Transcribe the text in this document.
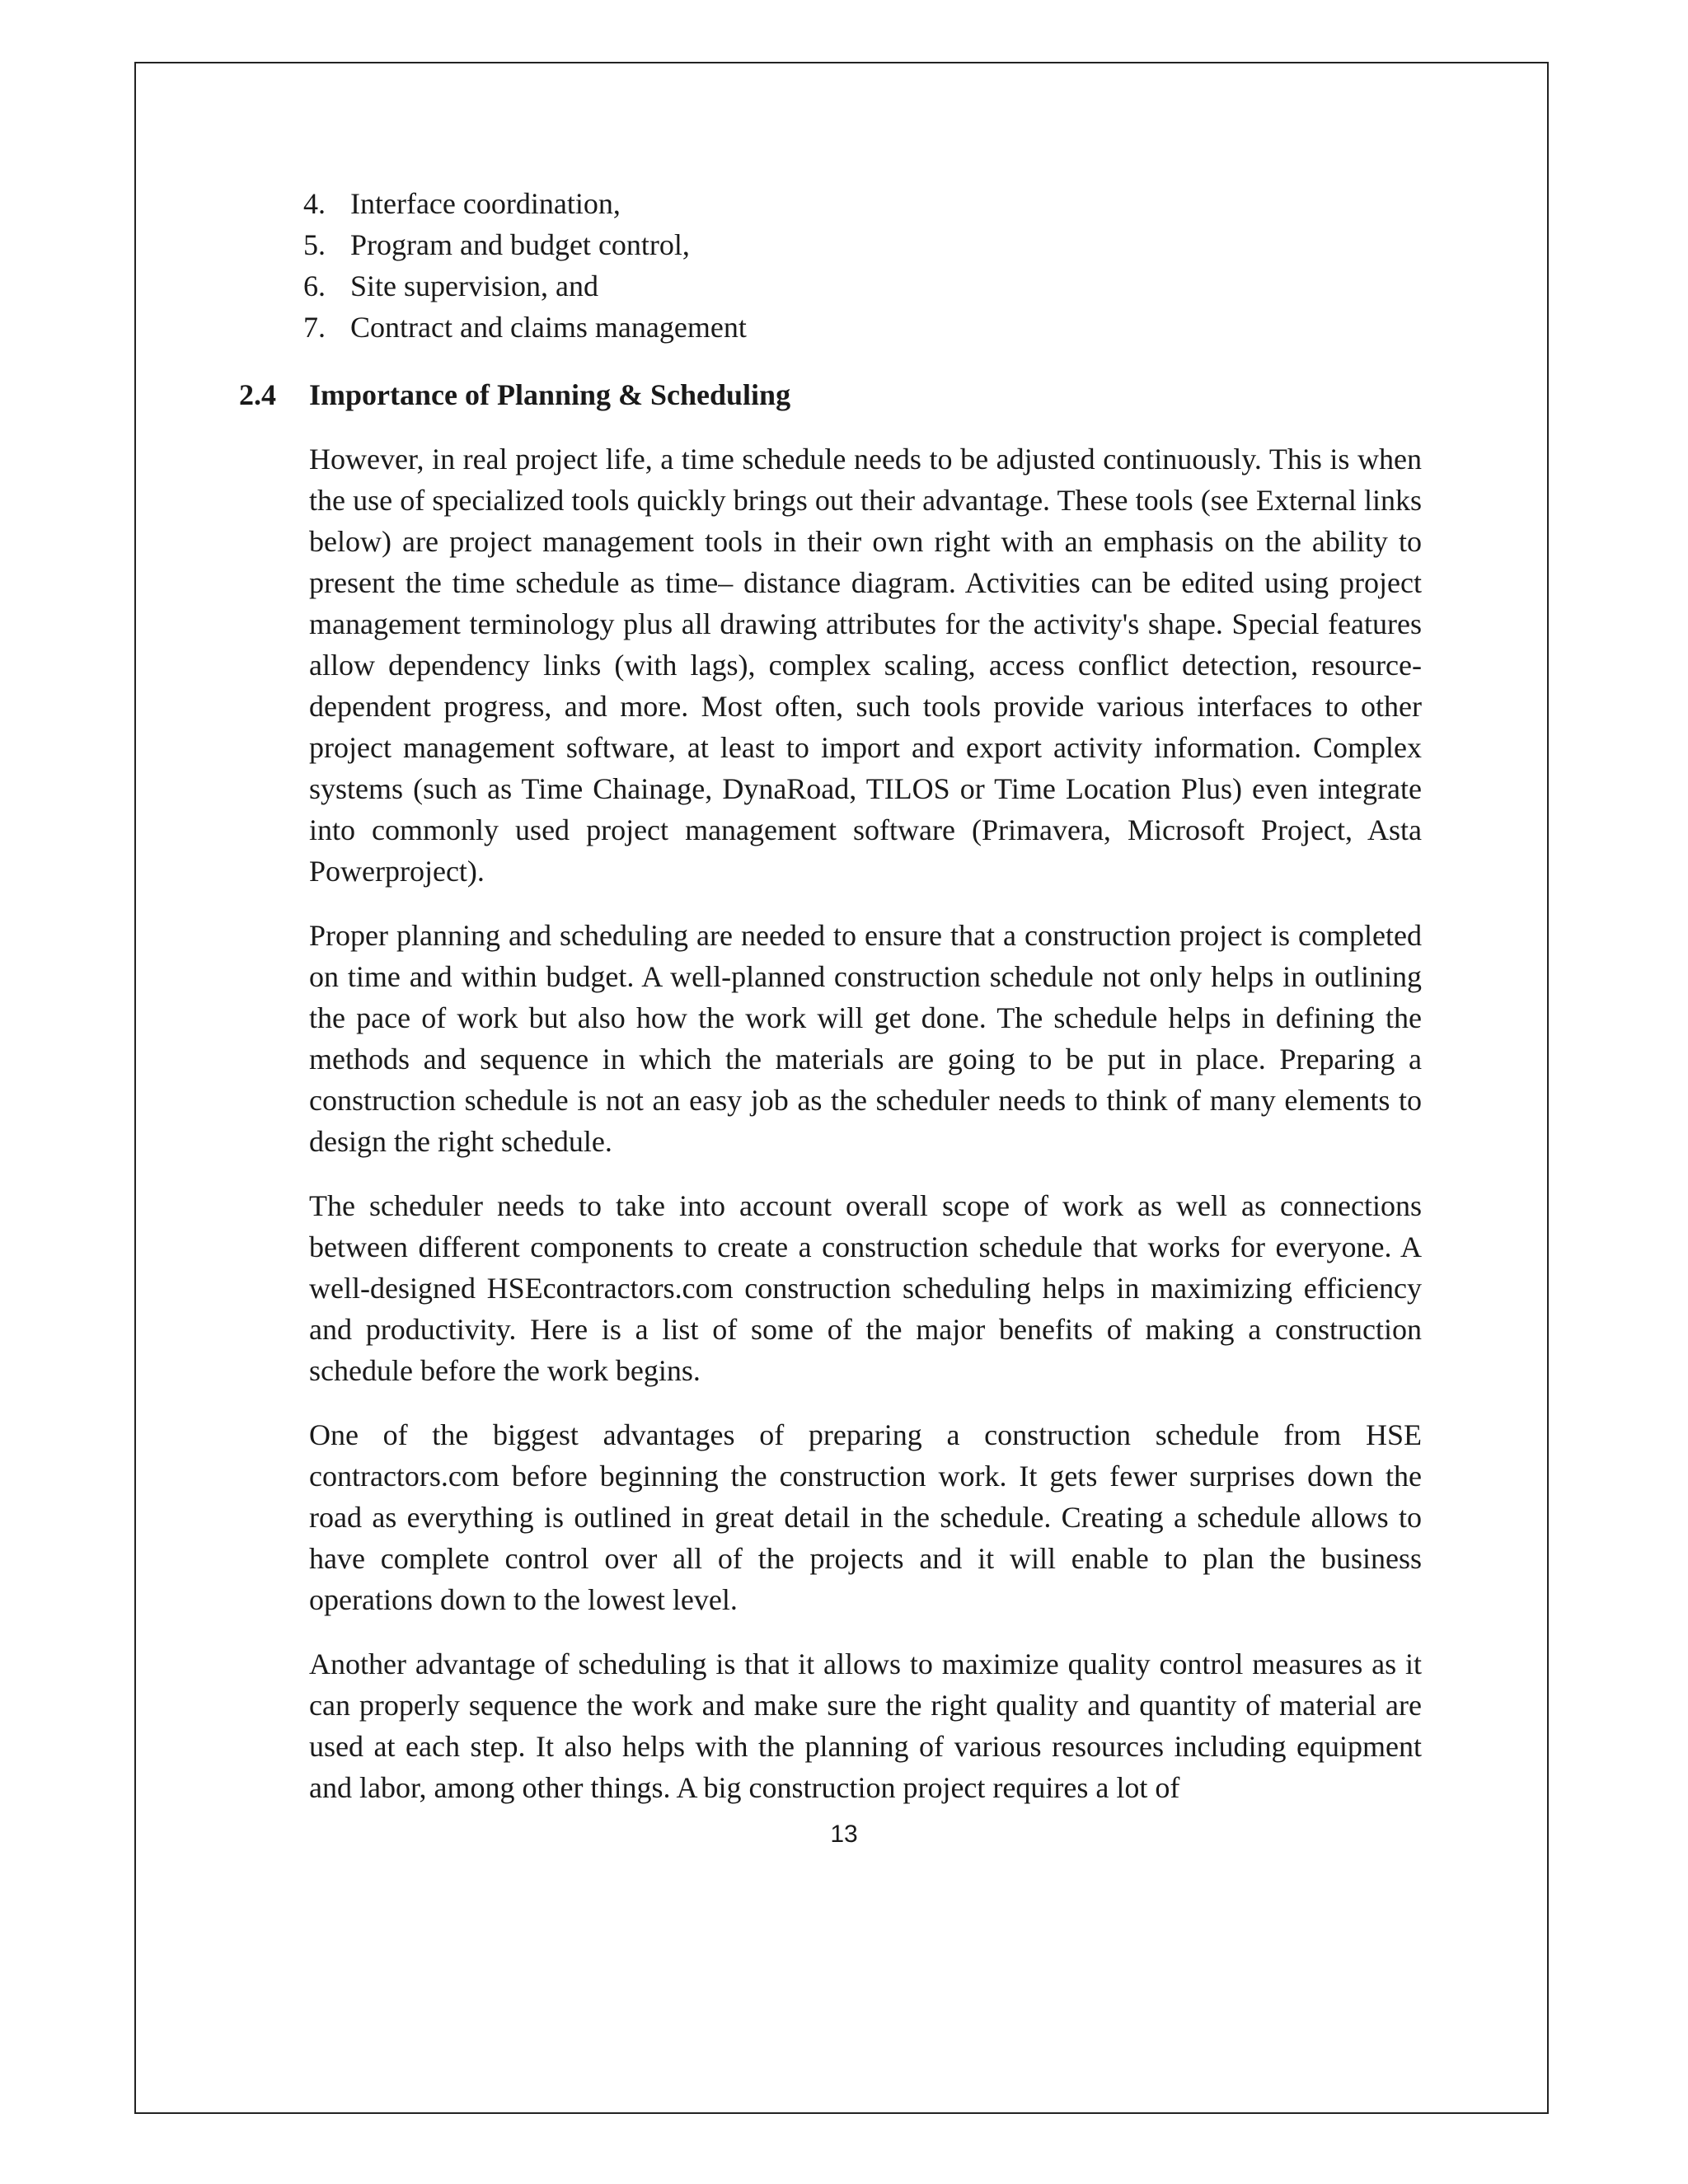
4. Interface coordination,
5. Program and budget control,
6. Site supervision, and
7. Contract and claims management
2.4 Importance of Planning & Scheduling

However, in real project life, a time schedule needs to be adjusted continuously. This is when the use of specialized tools quickly brings out their advantage. These tools (see External links below) are project management tools in their own right with an emphasis on the ability to present the time schedule as time– distance diagram. Activities can be edited using project management terminology plus all drawing attributes for the activity's shape. Special features allow dependency links (with lags), complex scaling, access conflict detection, resource-dependent progress, and more. Most often, such tools provide various interfaces to other project management software, at least to import and export activity information. Complex systems (such as Time Chainage, DynaRoad, TILOS or Time Location Plus) even integrate into commonly used project management software (Primavera, Microsoft Project, Asta Powerproject).

Proper planning and scheduling are needed to ensure that a construction project is completed on time and within budget. A well-planned construction schedule not only helps in outlining the pace of work but also how the work will get done. The schedule helps in defining the methods and sequence in which the materials are going to be put in place. Preparing a construction schedule is not an easy job as the scheduler needs to think of many elements to design the right schedule.

The scheduler needs to take into account overall scope of work as well as connections between different components to create a construction schedule that works for everyone. A well-designed HSEcontractors.com construction scheduling helps in maximizing efficiency and productivity. Here is a list of some of the major benefits of making a construction schedule before the work begins.

One of the biggest advantages of preparing a construction schedule from HSE contractors.com before beginning the construction work. It gets fewer surprises down the road as everything is outlined in great detail in the schedule. Creating a schedule allows to have complete control over all of the projects and it will enable to plan the business operations down to the lowest level.

Another advantage of scheduling is that it allows to maximize quality control measures as it can properly sequence the work and make sure the right quality and quantity of material are used at each step. It also helps with the planning of various resources including equipment and labor, among other things. A big construction project requires a lot of

13
